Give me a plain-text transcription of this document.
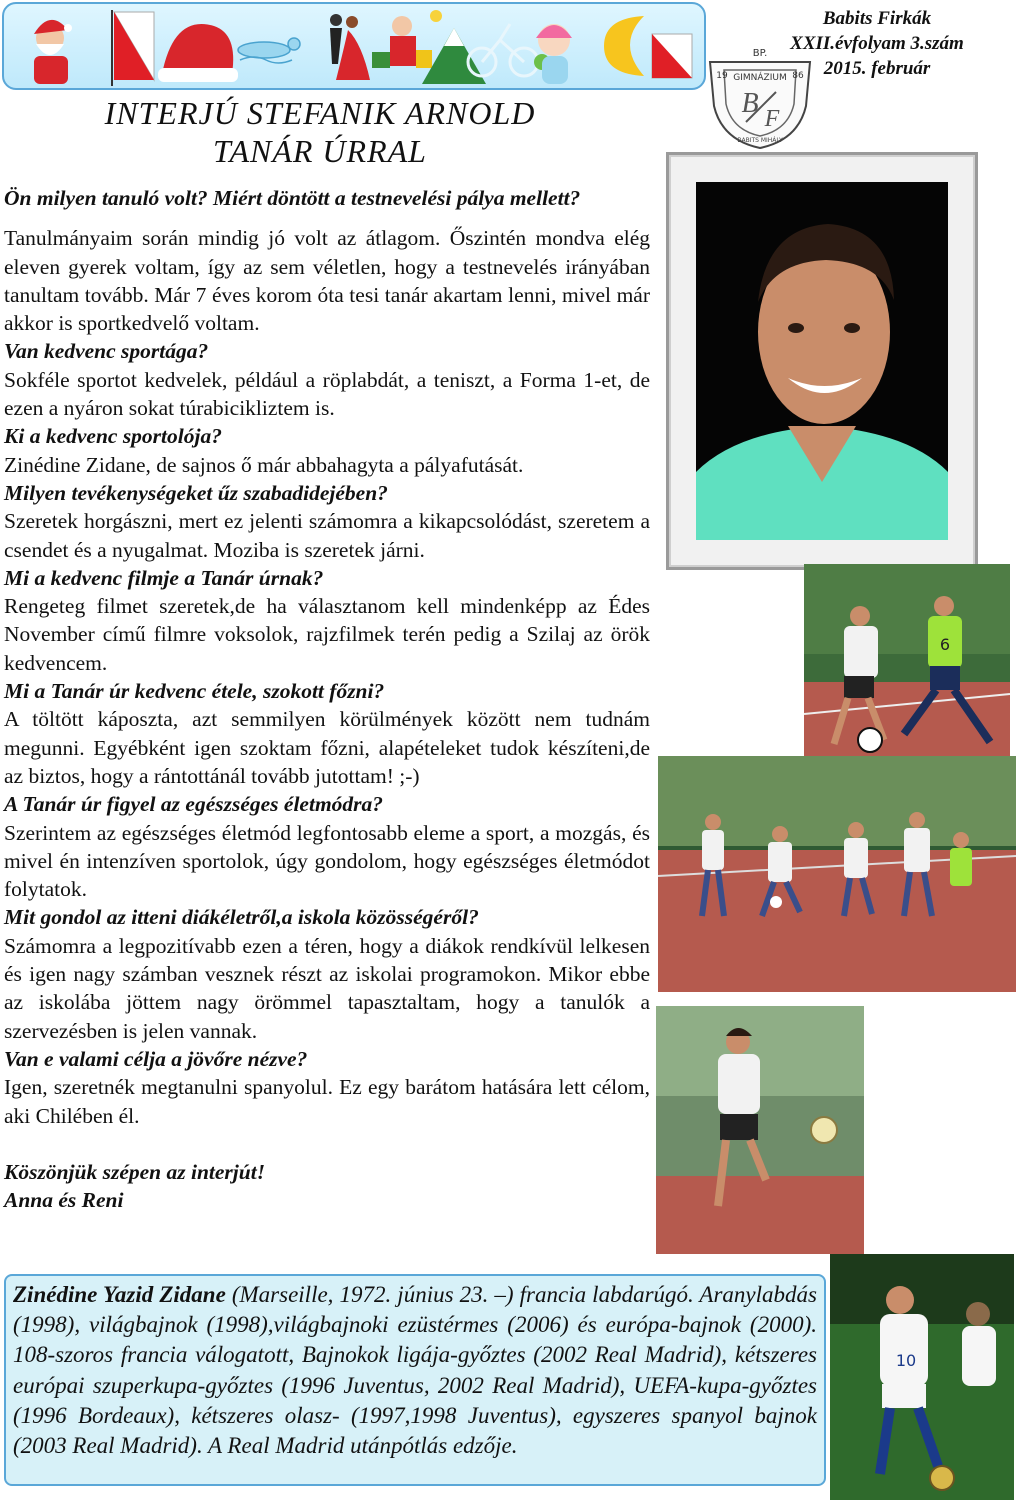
Babits Firkák
XXII.évfolyam 3.szám
2015. február
BP.
19 GIMNÁZIUM 86
B F
BABITS MIHÁLY
INTERJÚ STEFANIK ARNOLD
TANÁR ÚRRAL

Ön milyen tanuló volt? Miért döntött a testnevelési pálya mellett?

Tanulmányaim során mindig jó volt az átlagom. Őszintén mondva elég eleven gyerek voltam, így az sem véletlen, hogy a testnevelés irányában tanultam tovább. Már 7 éves korom óta tesi tanár akartam lenni, mivel már akkor is sportkedvelő voltam.

Van kedvenc sportága?

Sokféle sportot kedvelek, például a röplabdát, a teniszt, a Forma 1-et, de ezen a nyáron sokat túrabicikliztem is.

Ki a kedvenc sportolója?

Zinédine Zidane, de sajnos ő már abbahagyta a pályafutását.

Milyen tevékenységeket űz szabadidejében?

Szeretek horgászni, mert ez jelenti számomra a kikapcsolódást, szeretem a csendet és a nyugalmat. Moziba is szeretek járni.

Mi a kedvenc filmje a Tanár úrnak?

Rengeteg filmet szeretek,de ha választanom kell mindenképp az Édes November című filmre voksolok, rajzfilmek terén pedig a Szilaj az örök kedvencem.

Mi a Tanár úr kedvenc étele, szokott főzni?

A töltött káposzta, azt semmilyen körülmények között nem tudnám megunni. Egyébként igen szoktam főzni, alapételeket tudok készíteni,de az biztos, hogy a rántottánál tovább jutottam! ;-)

A Tanár úr figyel az egészséges életmódra?

Szerintem az egészséges életmód legfontosabb eleme a sport, a mozgás, és mivel én intenzíven sportolok, úgy gondolom, hogy egészséges életmódot folytatok.

Mit gondol az itteni diákéletről,a iskola közösségéről?

Számomra a legpozitívabb ezen a téren, hogy a diákok rendkívül lelkesen és igen nagy számban vesznek részt az iskolai programokon. Mikor ebbe az iskolába jöttem nagy örömmel tapasztaltam, hogy a tanulók a szervezésben is jelen vannak.

Van e valami célja a jövőre nézve?

Igen, szeretnék megtanulni spanyolul. Ez egy barátom hatására lett célom, aki Chilében él.

Köszönjük szépen az interjút!

Anna és Reni

6
10
Zinédine Yazid Zidane (Marseille, 1972. június 23. –) francia labdarúgó. Aranylabdás (1998), világbajnok (1998),világbajnoki ezüstérmes (2006) és európa-bajnok (2000). 108-szoros francia válogatott, Bajnokok ligája-győztes (2002 Real Madrid), kétszeres európai szuperkupa-győztes (1996 Juventus, 2002 Real Madrid), UEFA-kupa-győztes (1996 Bordeaux), kétszeres olasz- (1997,1998 Juventus), egyszeres spanyol bajnok (2003 Real Madrid). A Real Madrid utánpótlás edzője.
